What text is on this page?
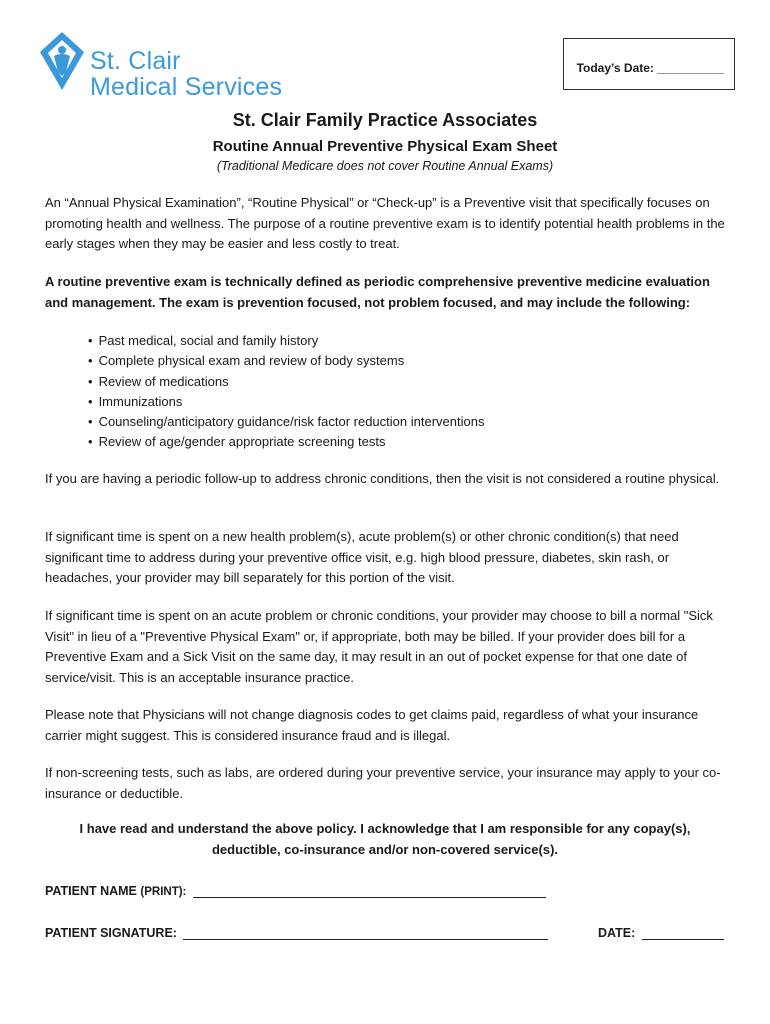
St. Clair
Medical Services
Today’s Date: __________
St. Clair Family Practice Associates
Routine Annual Preventive Physical Exam Sheet
(Traditional Medicare does not cover Routine Annual Exams)

An “Annual Physical Examination”, “Routine Physical” or “Check-up” is a Preventive visit that specifically focuses on promoting health and wellness. The purpose of a routine preventive exam is to identify potential health problems in the early stages when they may be easier and less costly to treat.

A routine preventive exam is technically defined as periodic comprehensive preventive medicine evaluation and management. The exam is prevention focused, not problem focused, and may include the following:

• Past medical, social and family history
• Complete physical exam and review of body systems
• Review of medications
• Immunizations
• Counseling/anticipatory guidance/risk factor reduction interventions
• Review of age/gender appropriate screening tests

If you are having a periodic follow-up to address chronic conditions, then the visit is not considered a routine physical.

If significant time is spent on a new health problem(s), acute problem(s) or other chronic condition(s) that need significant time to address during your preventive office visit, e.g. high blood pressure, diabetes, skin rash, or headaches, your provider may bill separately for this portion of the visit.

If significant time is spent on an acute problem or chronic conditions, your provider may choose to bill a normal "Sick Visit" in lieu of a "Preventive Physical Exam" or, if appropriate, both may be billed. If your provider does bill for a Preventive Exam and a Sick Visit on the same day, it may result in an out of pocket expense for that one date of service/visit. This is an acceptable insurance practice.

Please note that Physicians will not change diagnosis codes to get claims paid, regardless of what your insurance carrier might suggest. This is considered insurance fraud and is illegal.

If non-screening tests, such as labs, are ordered during your preventive service, your insurance may apply to your co-insurance or deductible.

I have read and understand the above policy. I acknowledge that I am responsible for any copay(s), deductible, co-insurance and/or non-covered service(s).

PATIENT NAME (PRINT):
PATIENT SIGNATURE:	DATE:
